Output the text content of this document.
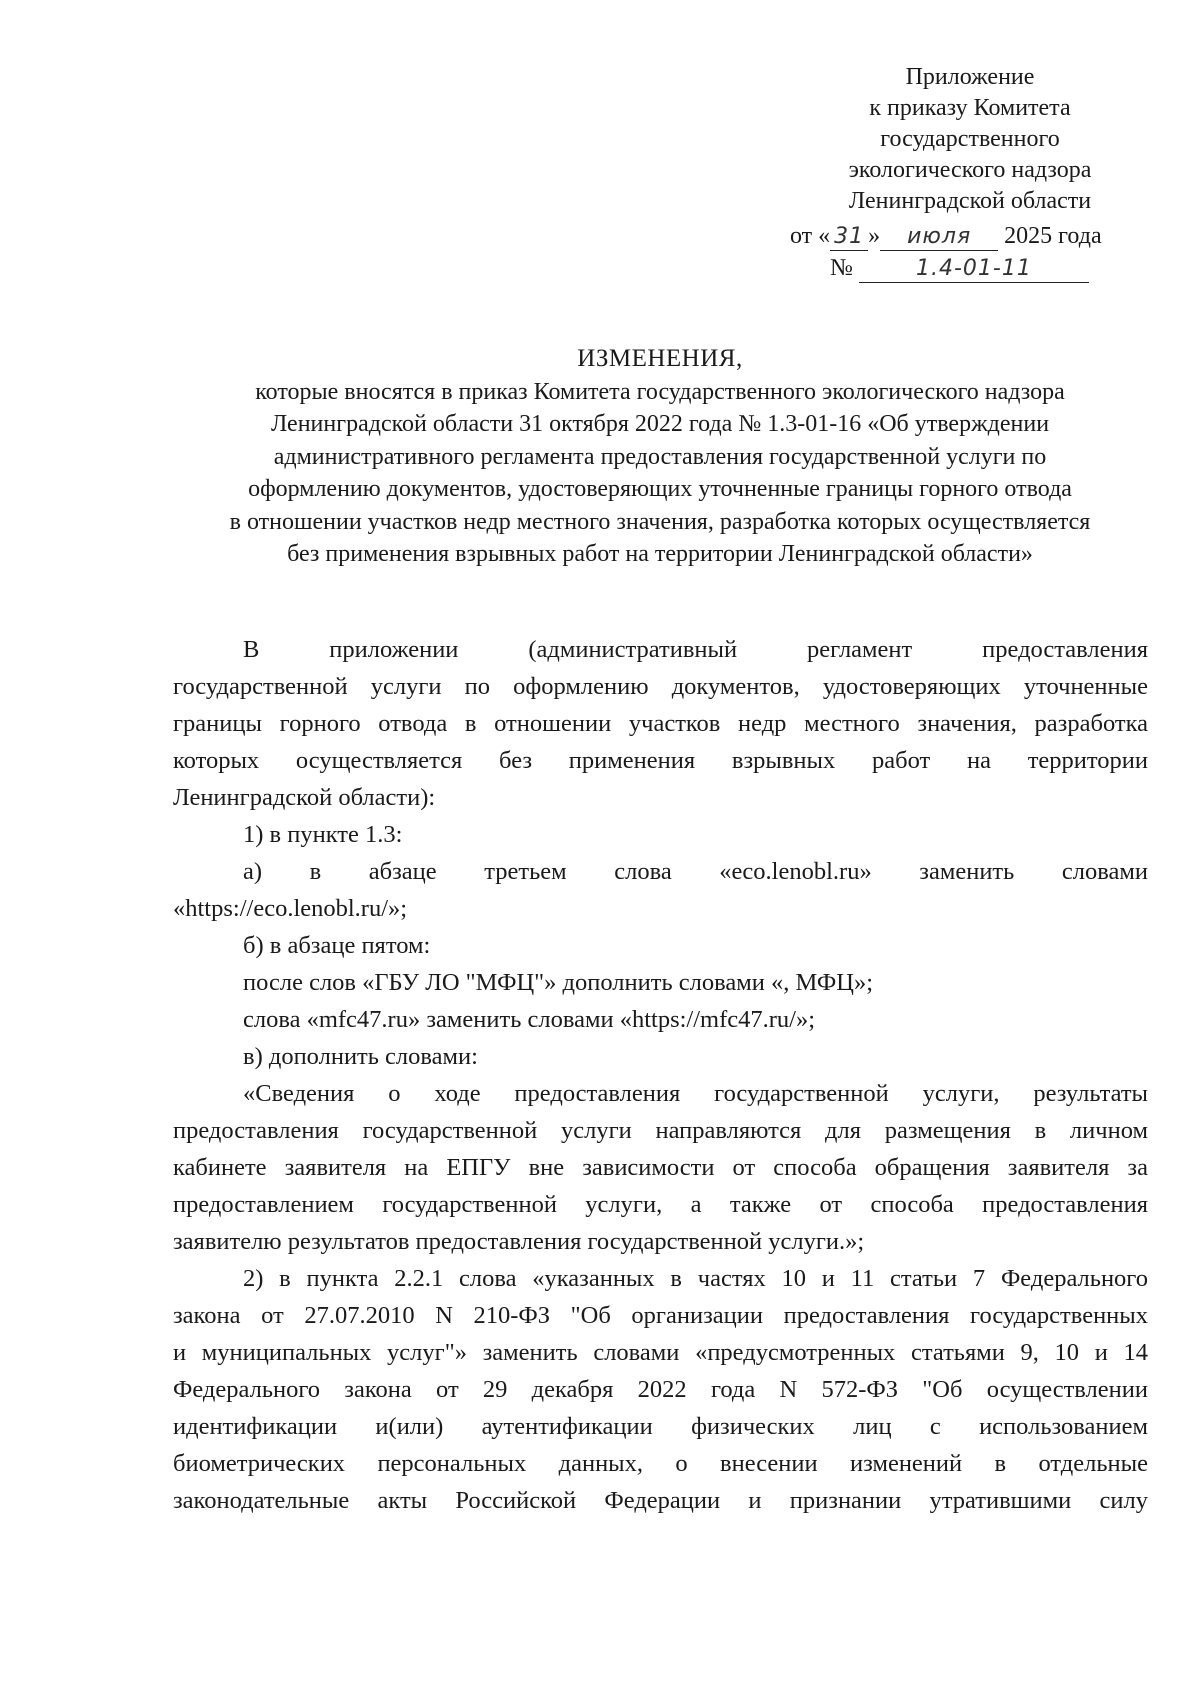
Приложение
к приказу Комитета
государственного
экологического надзора
Ленинградской области
от « 31 » июля 2025 года
№	1.4-01-11
ИЗМЕНЕНИЯ,
которые вносятся в приказ Комитета государственного экологического надзора
Ленинградской области 31 октября 2022 года № 1.3-01-16 «Об утверждении
административного регламента предоставления государственной услуги по
оформлению документов, удостоверяющих уточненные границы горного отвода
в отношении участков недр местного значения, разработка которых осуществляется
без применения взрывных работ на территории Ленинградской области»
В приложении (административный регламент предоставления
государственной услуги по оформлению документов, удостоверяющих уточненные
границы горного отвода в отношении участков недр местного значения, разработка
которых осуществляется без применения взрывных работ на территории
Ленинградской области):
1) в пункте 1.3:
а) в абзаце третьем слова «eco.lenobl.ru» заменить словами
«https://eco.lenobl.ru/»;
б) в абзаце пятом:
после слов «ГБУ ЛО "МФЦ"» дополнить словами «, МФЦ»;
слова «mfc47.ru» заменить словами «https://mfc47.ru/»;
в) дополнить словами:
«Сведения о ходе предоставления государственной услуги, результаты
предоставления государственной услуги направляются для размещения в личном
кабинете заявителя на ЕПГУ вне зависимости от способа обращения заявителя за
предоставлением государственной услуги, а также от способа предоставления
заявителю результатов предоставления государственной услуги.»;
2) в пункта 2.2.1 слова «указанных в частях 10 и 11 статьи 7 Федерального
закона от 27.07.2010 N 210-ФЗ "Об организации предоставления государственных
и муниципальных услуг"» заменить словами «предусмотренных статьями 9, 10 и 14
Федерального закона от 29 декабря 2022 года N 572-ФЗ "Об осуществлении
идентификации и(или) аутентификации физических лиц с использованием
биометрических персональных данных, о внесении изменений в отдельные
законодательные акты Российской Федерации и признании утратившими силу
